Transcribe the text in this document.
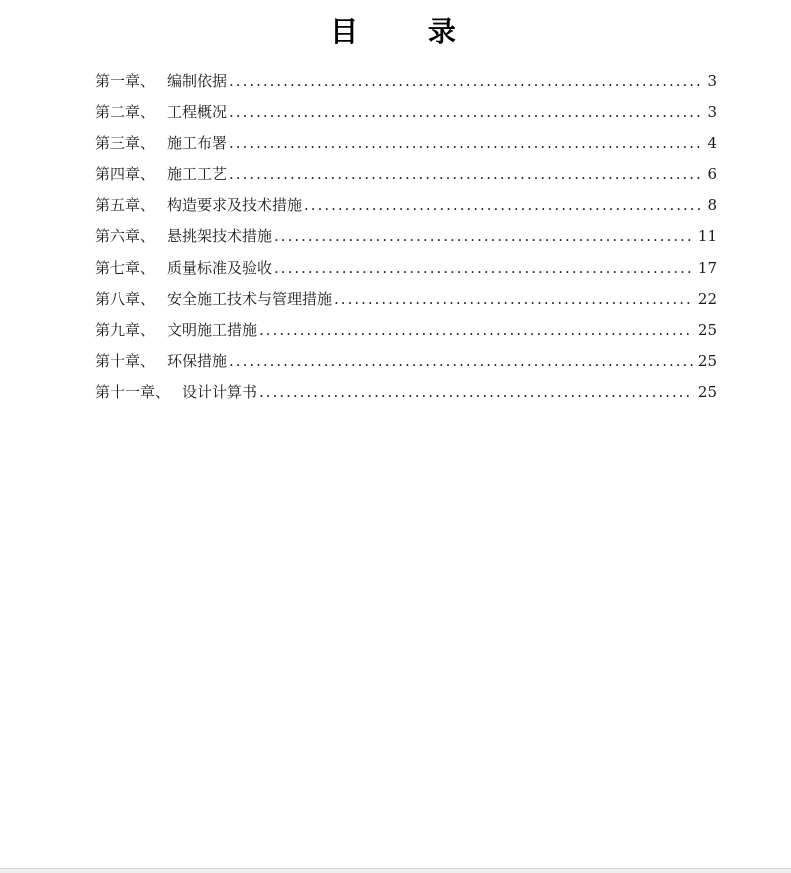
目 录
第一章、 编制依据 .....	3
第二章、 工程概况 .....	3
第三章、 施工布署 .....	4
第四章、 施工工艺 .....	6
第五章、 构造要求及技术措施 .....	8
第六章、 悬挑架技术措施 .....	11
第七章、 质量标准及验收 .....	17
第八章、 安全施工技术与管理措施 .....	22
第九章、 文明施工措施 .....	25
第十章、 环保措施 .....	25
第十一章、 设计计算书 .....	25
